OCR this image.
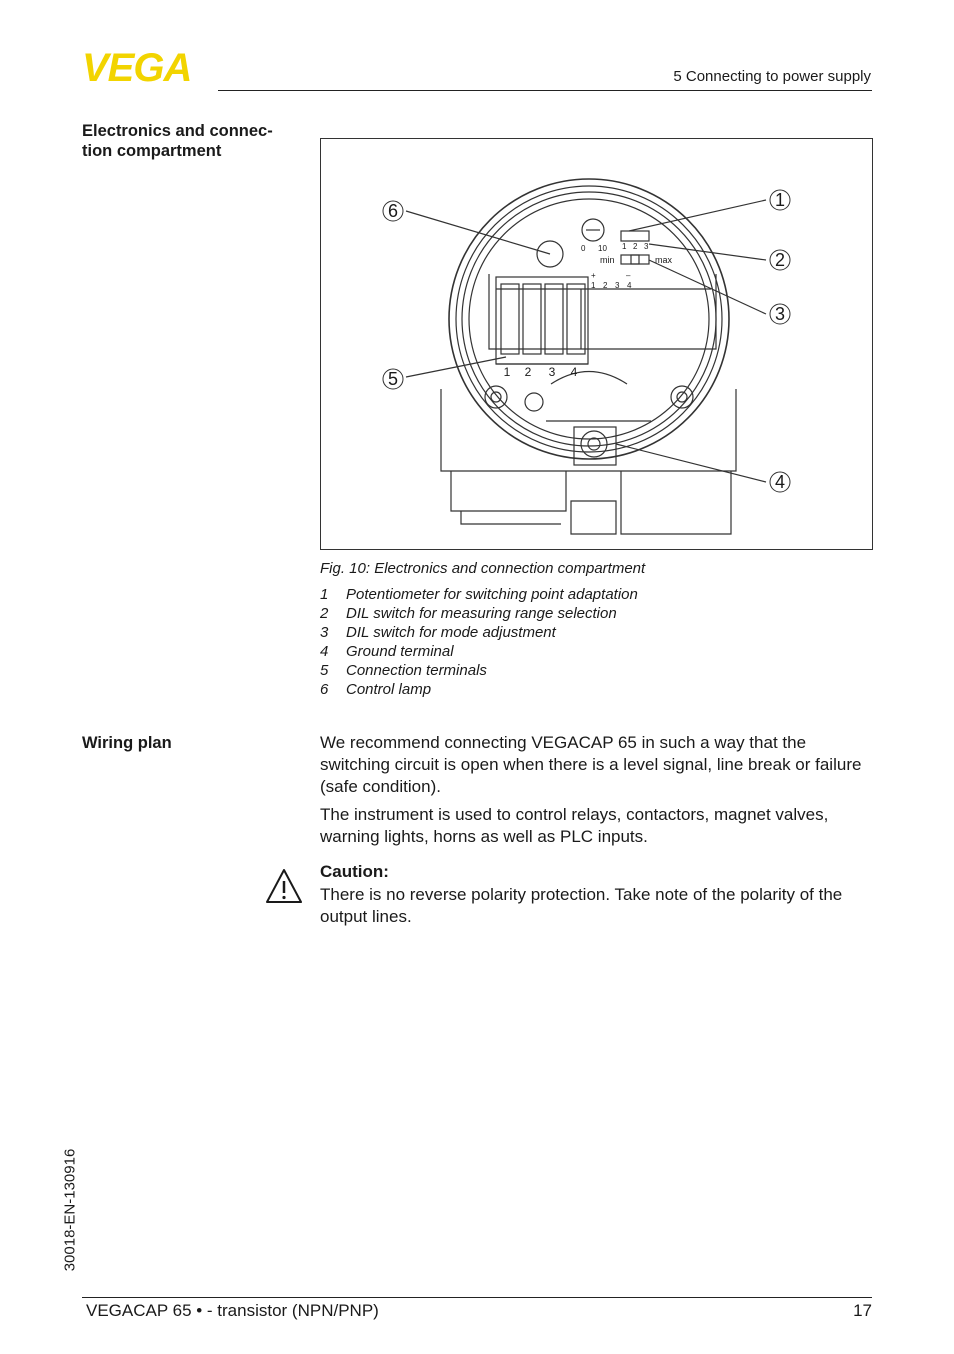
VEGA	5 Connecting to power supply
Electronics and connec-
tion compartment
1
2
3
4
5
6
1 2 3 4
0 10 1 2 3
min	max
+	–
1 2 3 4
Fig. 10: Electronics and connection compartment
1 Potentiometer for switching point adaptation
2 DIL switch for measuring range selection
3 DIL switch for mode adjustment
4 Ground terminal
5 Connection terminals
6 Control lamp
Wiring plan	We recommend connecting VEGACAP 65 in such a way that the switching circuit is open when there is a level signal, line break or failure (safe condition).

The instrument is used to control relays, contactors, magnet valves, warning lights, horns as well as PLC inputs.

Caution:
There is no reverse polarity protection. Take note of the polarity of the output lines.
30018-EN-130916
VEGACAP 65 • - transistor (NPN/PNP)	17
